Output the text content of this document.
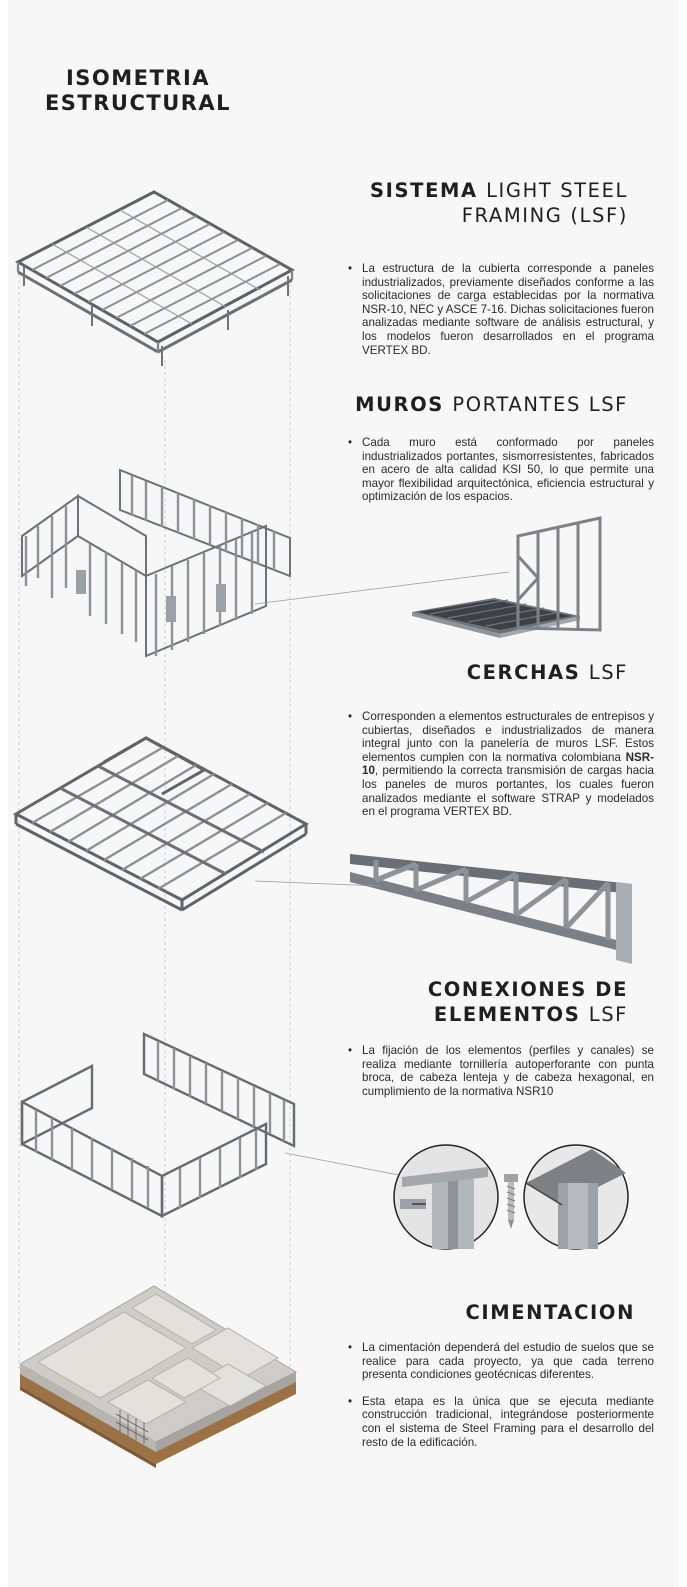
ISOMETRIA
ESTRUCTURAL
SISTEMA LIGHT STEEL FRAMING (LSF)
• La estructura de la cubierta corresponde a paneles industrializados, previamente diseñados conforme a las solicitaciones de carga establecidas por la normativa NSR-10, NEC y ASCE 7-16. Dichas solicitaciones fueron analizadas mediante software de análisis estructural, y los modelos fueron desarrollados en el programa VERTEX BD.
MUROS PORTANTES LSF
• Cada muro está conformado por paneles industrializados portantes, sismorresistentes, fabricados en acero de alta calidad KSI 50, lo que permite una mayor flexibilidad arquitectónica, eficiencia estructural y optimización de los espacios.
CERCHAS LSF
• Corresponden a elementos estructurales de entrepisos y cubiertas, diseñados e industrializados de manera integral junto con la panelería de muros LSF. Estos elementos cumplen con la normativa colombiana NSR-10, permitiendo la correcta transmisión de cargas hacia los paneles de muros portantes, los cuales fueron analizados mediante el software STRAP y modelados en el programa VERTEX BD.
CONEXIONES DE
ELEMENTOS LSF
• La fijación de los elementos (perfiles y canales) se realiza mediante tornillería autoperforante con punta broca, de cabeza lenteja y de cabeza hexagonal, en cumplimiento de la normativa NSR10
CIMENTACION
• La cimentación dependerá del estudio de suelos que se realice para cada proyecto, ya que cada terreno presenta condiciones geotécnicas diferentes.
• Esta etapa es la única que se ejecuta mediante construcción tradicional, integrándose posteriormente con el sistema de Steel Framing para el desarrollo del resto de la edificación.
